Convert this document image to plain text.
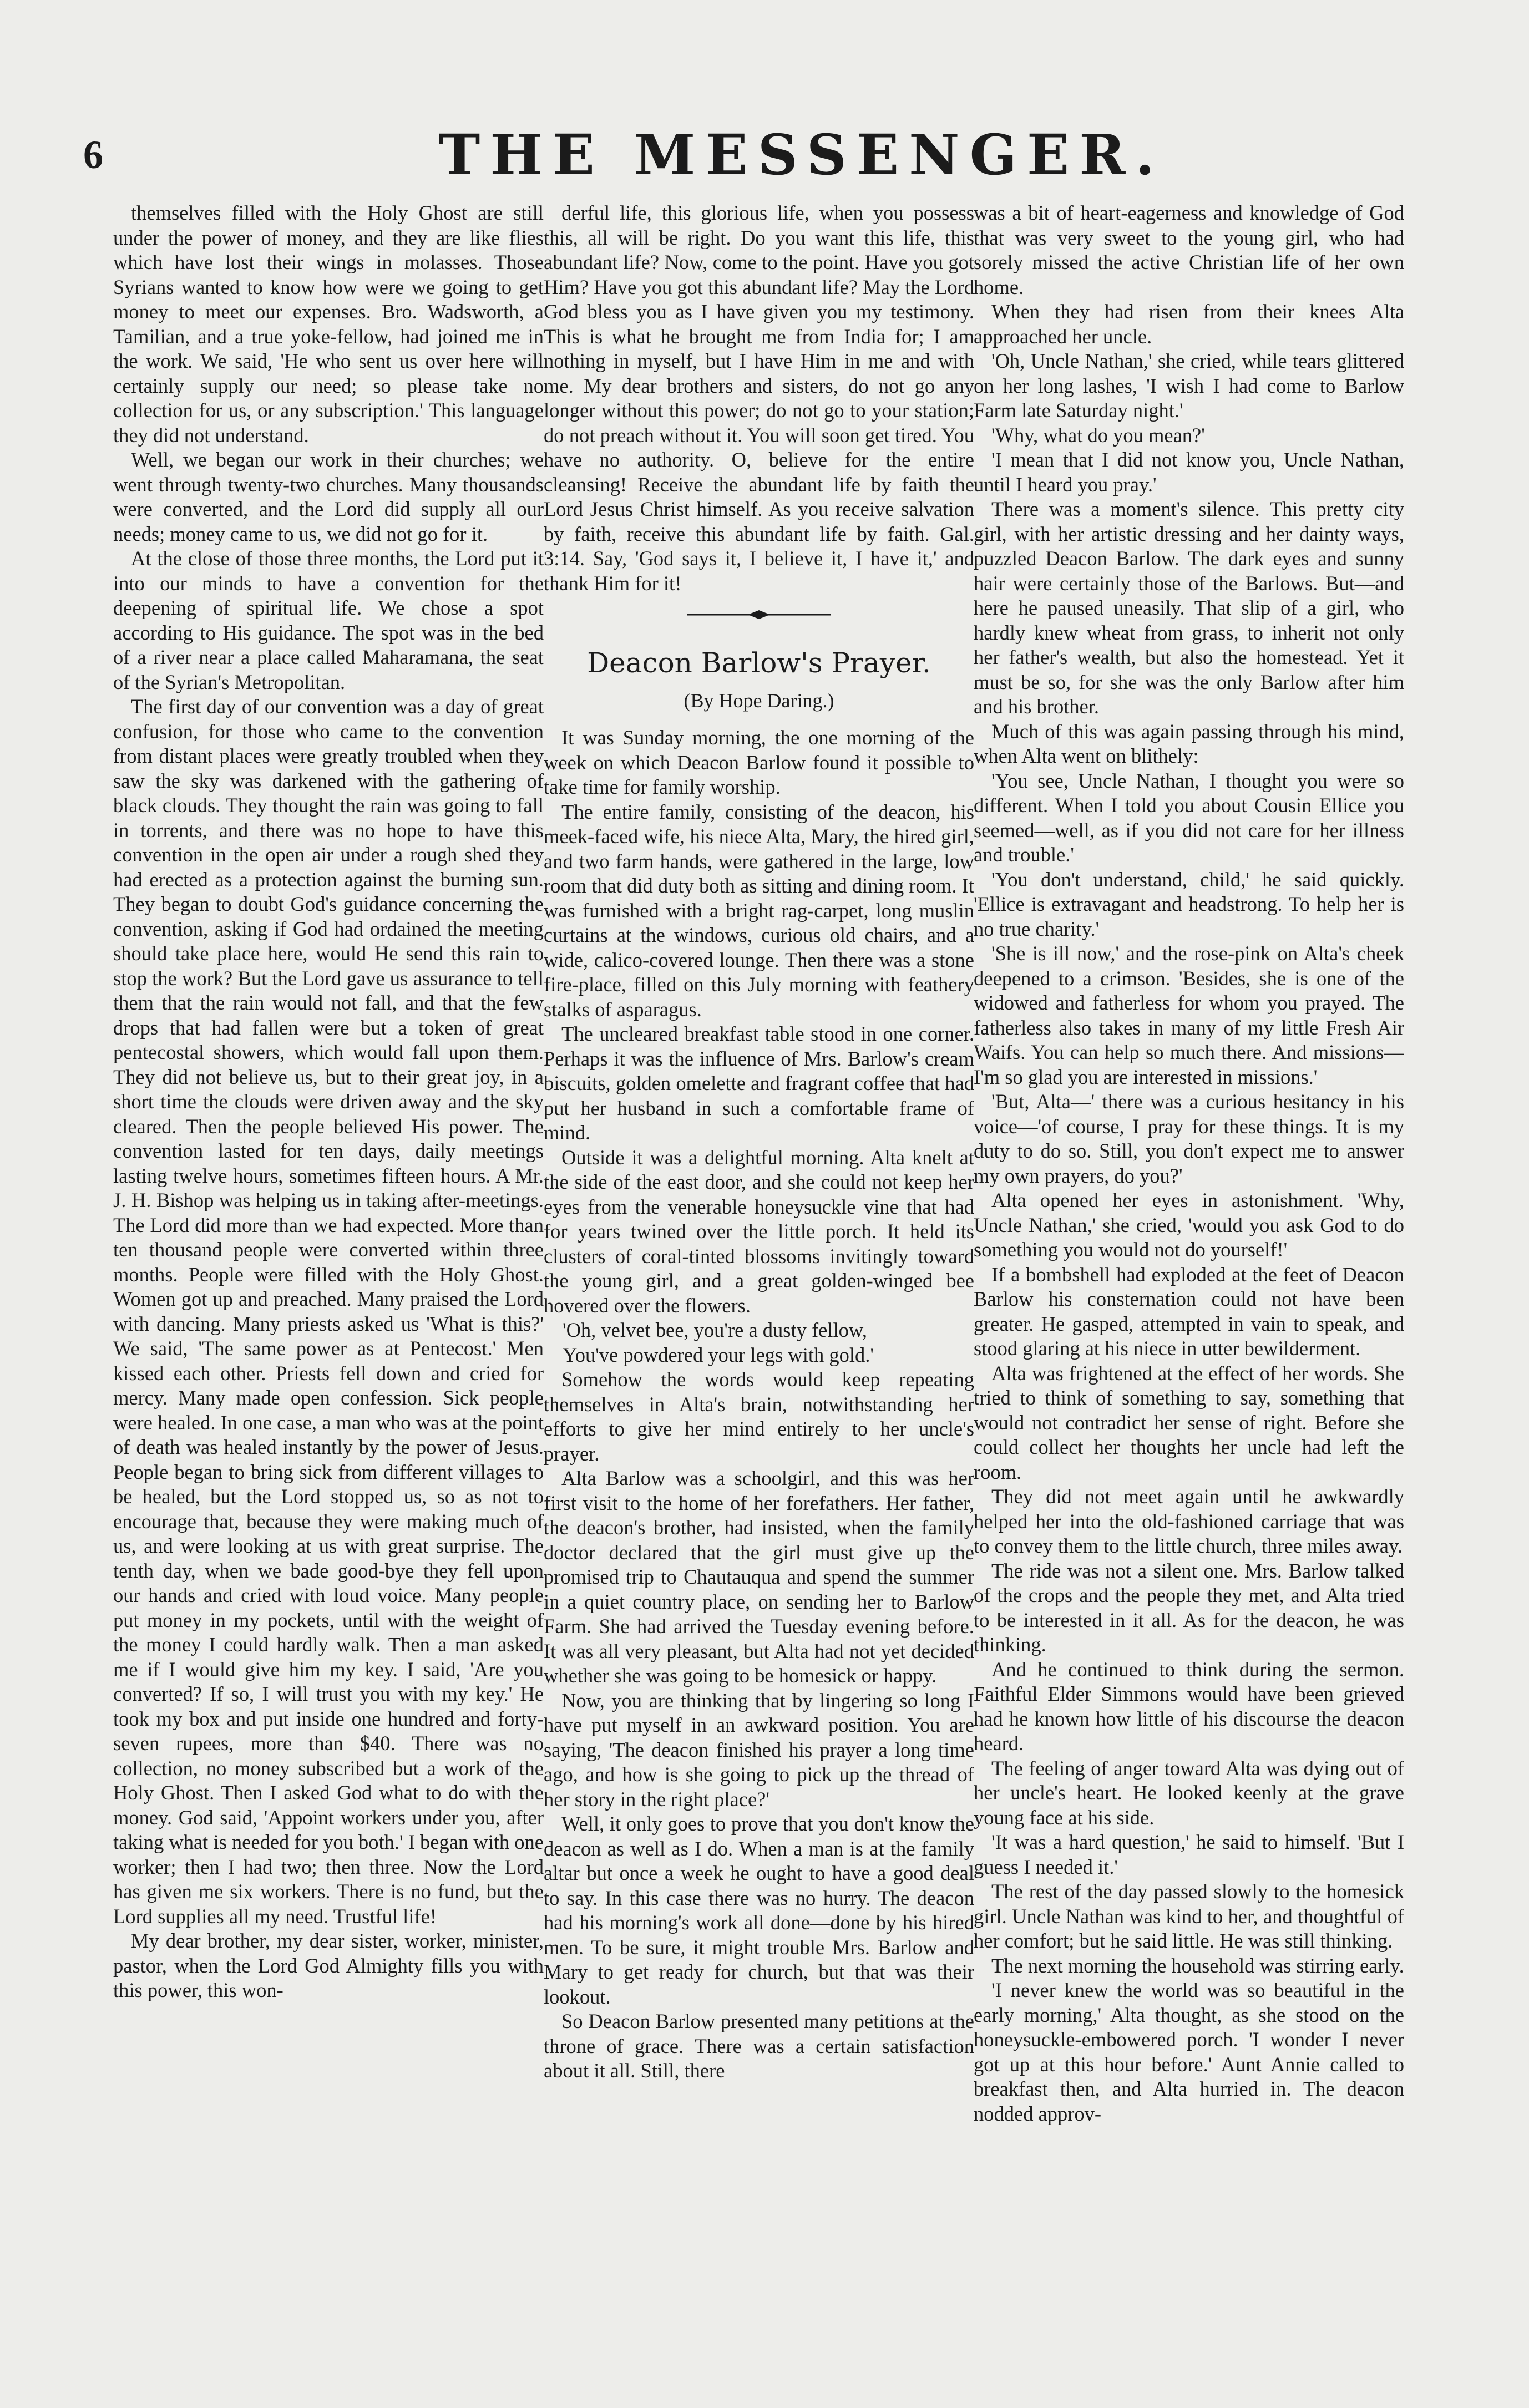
6	THE MESSENGER.

themselves filled with the Holy Ghost are still under the power of money, and they are like flies which have lost their wings in molasses. Those Syrians wanted to know how were we going to get money to meet our expenses. Bro. Wadsworth, a Tamilian, and a true yoke-fellow, had joined me in the work. We said, 'He who sent us over here will certainly supply our need; so please take no collection for us, or any subscription.' This language they did not understand.

Well, we began our work in their churches; we went through twenty-two churches. Many thousands were converted, and the Lord did supply all our needs; money came to us, we did not go for it.

At the close of those three months, the Lord put it into our minds to have a convention for the deepening of spiritual life. We chose a spot according to His guidance. The spot was in the bed of a river near a place called Maharamana, the seat of the Syrian's Metropolitan.

The first day of our convention was a day of great confusion, for those who came to the convention from distant places were greatly troubled when they saw the sky was darkened with the gathering of black clouds. They thought the rain was going to fall in torrents, and there was no hope to have this convention in the open air under a rough shed they had erected as a protection against the burning sun. They began to doubt God's guidance concerning the convention, asking if God had ordained the meeting should take place here, would He send this rain to stop the work? But the Lord gave us assurance to tell them that the rain would not fall, and that the few drops that had fallen were but a token of great pentecostal showers, which would fall upon them. They did not believe us, but to their great joy, in a short time the clouds were driven away and the sky cleared. Then the people believed His power. The convention lasted for ten days, daily meetings lasting twelve hours, sometimes fifteen hours. A Mr. J. H. Bishop was helping us in taking after-meetings. The Lord did more than we had expected. More than ten thousand people were converted within three months. People were filled with the Holy Ghost. Women got up and preached. Many praised the Lord with dancing. Many priests asked us 'What is this?' We said, 'The same power as at Pentecost.' Men kissed each other. Priests fell down and cried for mercy. Many made open confession. Sick people were healed. In one case, a man who was at the point of death was healed instantly by the power of Jesus. People began to bring sick from different villages to be healed, but the Lord stopped us, so as not to encourage that, because they were making much of us, and were looking at us with great surprise. The tenth day, when we bade good-bye they fell upon our hands and cried with loud voice. Many people put money in my pockets, until with the weight of the money I could hardly walk. Then a man asked me if I would give him my key. I said, 'Are you converted? If so, I will trust you with my key.' He took my box and put inside one hundred and forty-seven rupees, more than $40. There was no collection, no money subscribed but a work of the Holy Ghost. Then I asked God what to do with the money. God said, 'Appoint workers under you, after taking what is needed for you both.' I began with one worker; then I had two; then three. Now the Lord has given me six workers. There is no fund, but the Lord supplies all my need. Trustful life!

My dear brother, my dear sister, worker, minister, pastor, when the Lord God Almighty fills you with this power, this won-

derful life, this glorious life, when you possess this, all will be right. Do you want this life, this abundant life? Now, come to the point. Have you got Him? Have you got this abundant life? May the Lord God bless you as I have given you my testimony. This is what he brought me from India for; I am nothing in myself, but I have Him in me and with me. My dear brothers and sisters, do not go any longer without this power; do not go to your station; do not preach without it. You will soon get tired. You have no authority. O, believe for the entire cleansing! Receive the abundant life by faith the Lord Jesus Christ himself. As you receive salvation by faith, receive this abundant life by faith. Gal. 3:14. Say, 'God says it, I believe it, I have it,' and thank Him for it!

Deacon Barlow's Prayer.
(By Hope Daring.)

It was Sunday morning, the one morning of the week on which Deacon Barlow found it possible to take time for family worship.

The entire family, consisting of the deacon, his meek-faced wife, his niece Alta, Mary, the hired girl, and two farm hands, were gathered in the large, low room that did duty both as sitting and dining room. It was furnished with a bright rag-carpet, long muslin curtains at the windows, curious old chairs, and a wide, calico-covered lounge. Then there was a stone fire-place, filled on this July morning with feathery stalks of asparagus.

The uncleared breakfast table stood in one corner. Perhaps it was the influence of Mrs. Barlow's cream biscuits, golden omelette and fragrant coffee that had put her husband in such a comfortable frame of mind.

Outside it was a delightful morning. Alta knelt at the side of the east door, and she could not keep her eyes from the venerable honeysuckle vine that had for years twined over the little porch. It held its clusters of coral-tinted blossoms invitingly toward the young girl, and a great golden-winged bee hovered over the flowers.

'Oh, velvet bee, you're a dusty fellow,

You've powdered your legs with gold.'

Somehow the words would keep repeating themselves in Alta's brain, notwithstanding her efforts to give her mind entirely to her uncle's prayer.

Alta Barlow was a schoolgirl, and this was her first visit to the home of her forefathers. Her father, the deacon's brother, had insisted, when the family doctor declared that the girl must give up the promised trip to Chautauqua and spend the summer in a quiet country place, on sending her to Barlow Farm. She had arrived the Tuesday evening before. It was all very pleasant, but Alta had not yet decided whether she was going to be homesick or happy.

Now, you are thinking that by lingering so long I have put myself in an awkward position. You are saying, 'The deacon finished his prayer a long time ago, and how is she going to pick up the thread of her story in the right place?'

Well, it only goes to prove that you don't know the deacon as well as I do. When a man is at the family altar but once a week he ought to have a good deal to say. In this case there was no hurry. The deacon had his morning's work all done—done by his hired men. To be sure, it might trouble Mrs. Barlow and Mary to get ready for church, but that was their lookout.

So Deacon Barlow presented many petitions at the throne of grace. There was a certain satisfaction about it all. Still, there

was a bit of heart-eagerness and knowledge of God that was very sweet to the young girl, who had sorely missed the active Christian life of her own home.

When they had risen from their knees Alta approached her uncle.

'Oh, Uncle Nathan,' she cried, while tears glittered on her long lashes, 'I wish I had come to Barlow Farm late Saturday night.'

'Why, what do you mean?'

'I mean that I did not know you, Uncle Nathan, until I heard you pray.'

There was a moment's silence. This pretty city girl, with her artistic dressing and her dainty ways, puzzled Deacon Barlow. The dark eyes and sunny hair were certainly those of the Barlows. But—and here he paused uneasily. That slip of a girl, who hardly knew wheat from grass, to inherit not only her father's wealth, but also the homestead. Yet it must be so, for she was the only Barlow after him and his brother.

Much of this was again passing through his mind, when Alta went on blithely:

'You see, Uncle Nathan, I thought you were so different. When I told you about Cousin Ellice you seemed—well, as if you did not care for her illness and trouble.'

'You don't understand, child,' he said quickly. 'Ellice is extravagant and headstrong. To help her is no true charity.'

'She is ill now,' and the rose-pink on Alta's cheek deepened to a crimson. 'Besides, she is one of the widowed and fatherless for whom you prayed. The fatherless also takes in many of my little Fresh Air Waifs. You can help so much there. And missions—I'm so glad you are interested in missions.'

'But, Alta—' there was a curious hesitancy in his voice—'of course, I pray for these things. It is my duty to do so. Still, you don't expect me to answer my own prayers, do you?'

Alta opened her eyes in astonishment. 'Why, Uncle Nathan,' she cried, 'would you ask God to do something you would not do yourself!'

If a bombshell had exploded at the feet of Deacon Barlow his consternation could not have been greater. He gasped, attempted in vain to speak, and stood glaring at his niece in utter bewilderment.

Alta was frightened at the effect of her words. She tried to think of something to say, something that would not contradict her sense of right. Before she could collect her thoughts her uncle had left the room.

They did not meet again until he awkwardly helped her into the old-fashioned carriage that was to convey them to the little church, three miles away.

The ride was not a silent one. Mrs. Barlow talked of the crops and the people they met, and Alta tried to be interested in it all. As for the deacon, he was thinking.

And he continued to think during the sermon. Faithful Elder Simmons would have been grieved had he known how little of his discourse the deacon heard.

The feeling of anger toward Alta was dying out of her uncle's heart. He looked keenly at the grave young face at his side.

'It was a hard question,' he said to himself. 'But I guess I needed it.'

The rest of the day passed slowly to the homesick girl. Uncle Nathan was kind to her, and thoughtful of her comfort; but he said little. He was still thinking.

The next morning the household was stirring early.

'I never knew the world was so beautiful in the early morning,' Alta thought, as she stood on the honeysuckle-embowered porch. 'I wonder I never got up at this hour before.' Aunt Annie called to breakfast then, and Alta hurried in. The deacon nodded approv-
